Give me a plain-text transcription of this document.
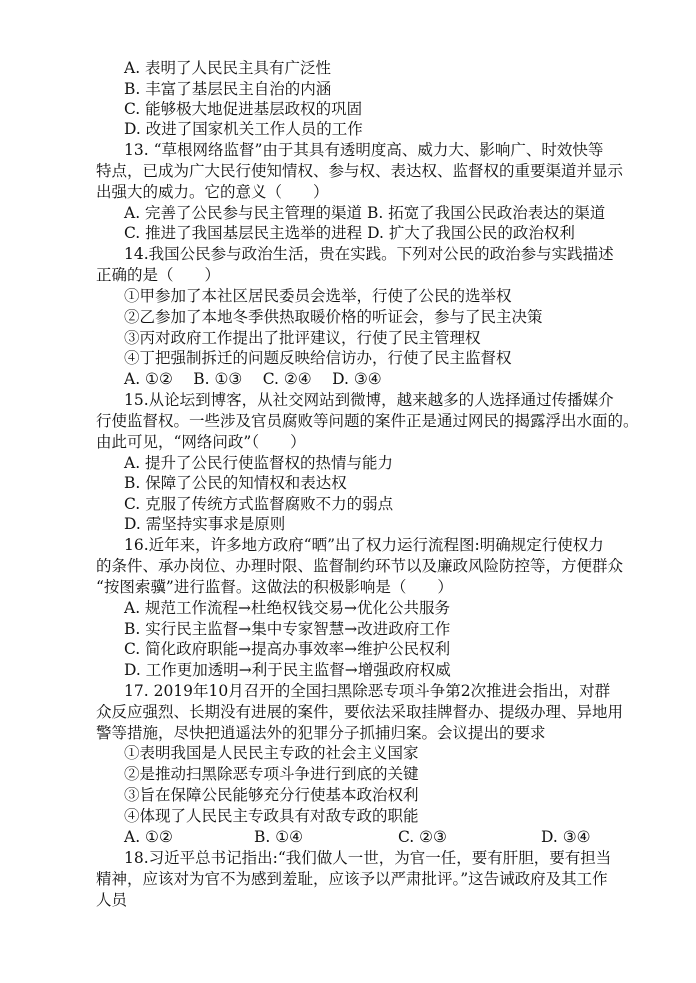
A. 表明了人民民主具有广泛性
B. 丰富了基层民主自治的内涵
C. 能够极大地促进基层政权的巩固
D. 改进了国家机关工作人员的工作
13. “草根网络监督”由于其具有透明度高、威力大、影响广、时效快等
特点，已成为广大民行使知情权、参与权、表达权、监督权的重要渠道并显示
出强大的威力。它的意义（　　）
A. 完善了公民参与民主管理的渠道 B. 拓宽了我国公民政治表达的渠道
C. 推进了我国基层民主选举的进程 D. 扩大了我国公民的政治权利
14.我国公民参与政治生活，贵在实践。下列对公民的政治参与实践描述
正确的是（　　）
①甲参加了本社区居民委员会选举，行使了公民的选举权
②乙参加了本地冬季供热取暖价格的听证会，参与了民主决策
③丙对政府工作提出了批评建议，行使了民主管理权
④丁把强制拆迁的问题反映给信访办，行使了民主监督权
A. ①②　 B. ①③　 C. ②④　 D. ③④
15.从论坛到博客，从社交网站到微博，越来越多的人选择通过传播媒介
行使监督权。一些涉及官员腐败等问题的案件正是通过网民的揭露浮出水面的。
由此可见，“网络问政”（　　）
A. 提升了公民行使监督权的热情与能力
B. 保障了公民的知情权和表达权
C. 克服了传统方式监督腐败不力的弱点
D. 需坚持实事求是原则
16.近年来，许多地方政府“晒”出了权力运行流程图:明确规定行使权力
的条件、承办岗位、办理时限、监督制约环节以及廉政风险防控等，方便群众
“按图索骥”进行监督。这做法的积极影响是（　　）
A. 规范工作流程→杜绝权钱交易→优化公共服务
B. 实行民主监督→集中专家智慧→改进政府工作
C. 简化政府职能→提高办事效率→维护公民权利
D. 工作更加透明→利于民主监督→增强政府权威
17. 2019年10月召开的全国扫黑除恶专项斗争第2次推进会指出，对群
众反应强烈、长期没有进展的案件，要依法采取挂牌督办、提级办理、异地用
警等措施，尽快把逍遥法外的犯罪分子抓捕归案。会议提出的要求
①表明我国是人民民主专政的社会主义国家
②是推动扫黑除恶专项斗争进行到底的关键
③旨在保障公民能够充分行使基本政治权利
④体现了人民民主专政具有对敌专政的职能
A. ①②	B. ①④	C. ②③	D. ③④
18.习近平总书记指出:“我们做人一世，为官一任，要有肝胆，要有担当
精神，应该对为官不为感到羞耻，应该予以严肃批评。”这告诫政府及其工作
人员
